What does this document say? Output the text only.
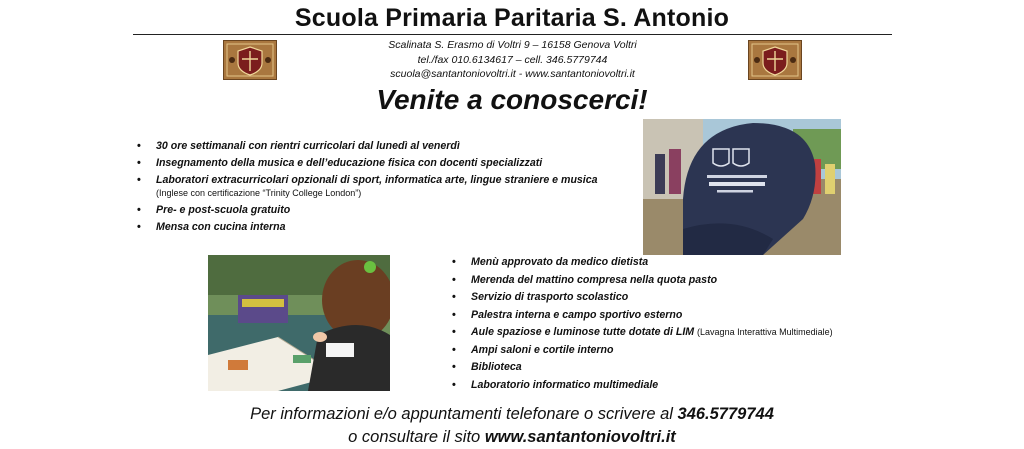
Scuola Primaria Paritaria S. Antonio
Scalinata S. Erasmo di Voltri 9 – 16158 Genova Voltri
tel./fax 010.6134617 – cell. 346.5779744
scuola@santantoniovoltri.it - www.santantoniovoltri.it
Venite a conoscerci!
• 30 ore settimanali con rientri curricolari dal lunedì al venerdì
• Insegnamento della musica e dell’educazione fisica con docenti specializzati
• Laboratori extracurricolari opzionali di sport, informatica arte, lingue straniere e musica (Inglese con certificazione “Trinity College London”)
• Pre- e post-scuola gratuito
• Mensa con cucina interna
• Menù approvato da medico dietista
• Merenda del mattino compresa nella quota pasto
• Servizio di trasporto scolastico
• Palestra interna e campo sportivo esterno
• Aule spaziose e luminose tutte dotate di LIM (Lavagna Interattiva Multimediale)
• Ampi saloni e cortile interno
• Biblioteca
• Laboratorio informatico multimediale
Per informazioni e/o appuntamenti telefonare o scrivere al 346.5779744
o consultare il sito www.santantoniovoltri.it
